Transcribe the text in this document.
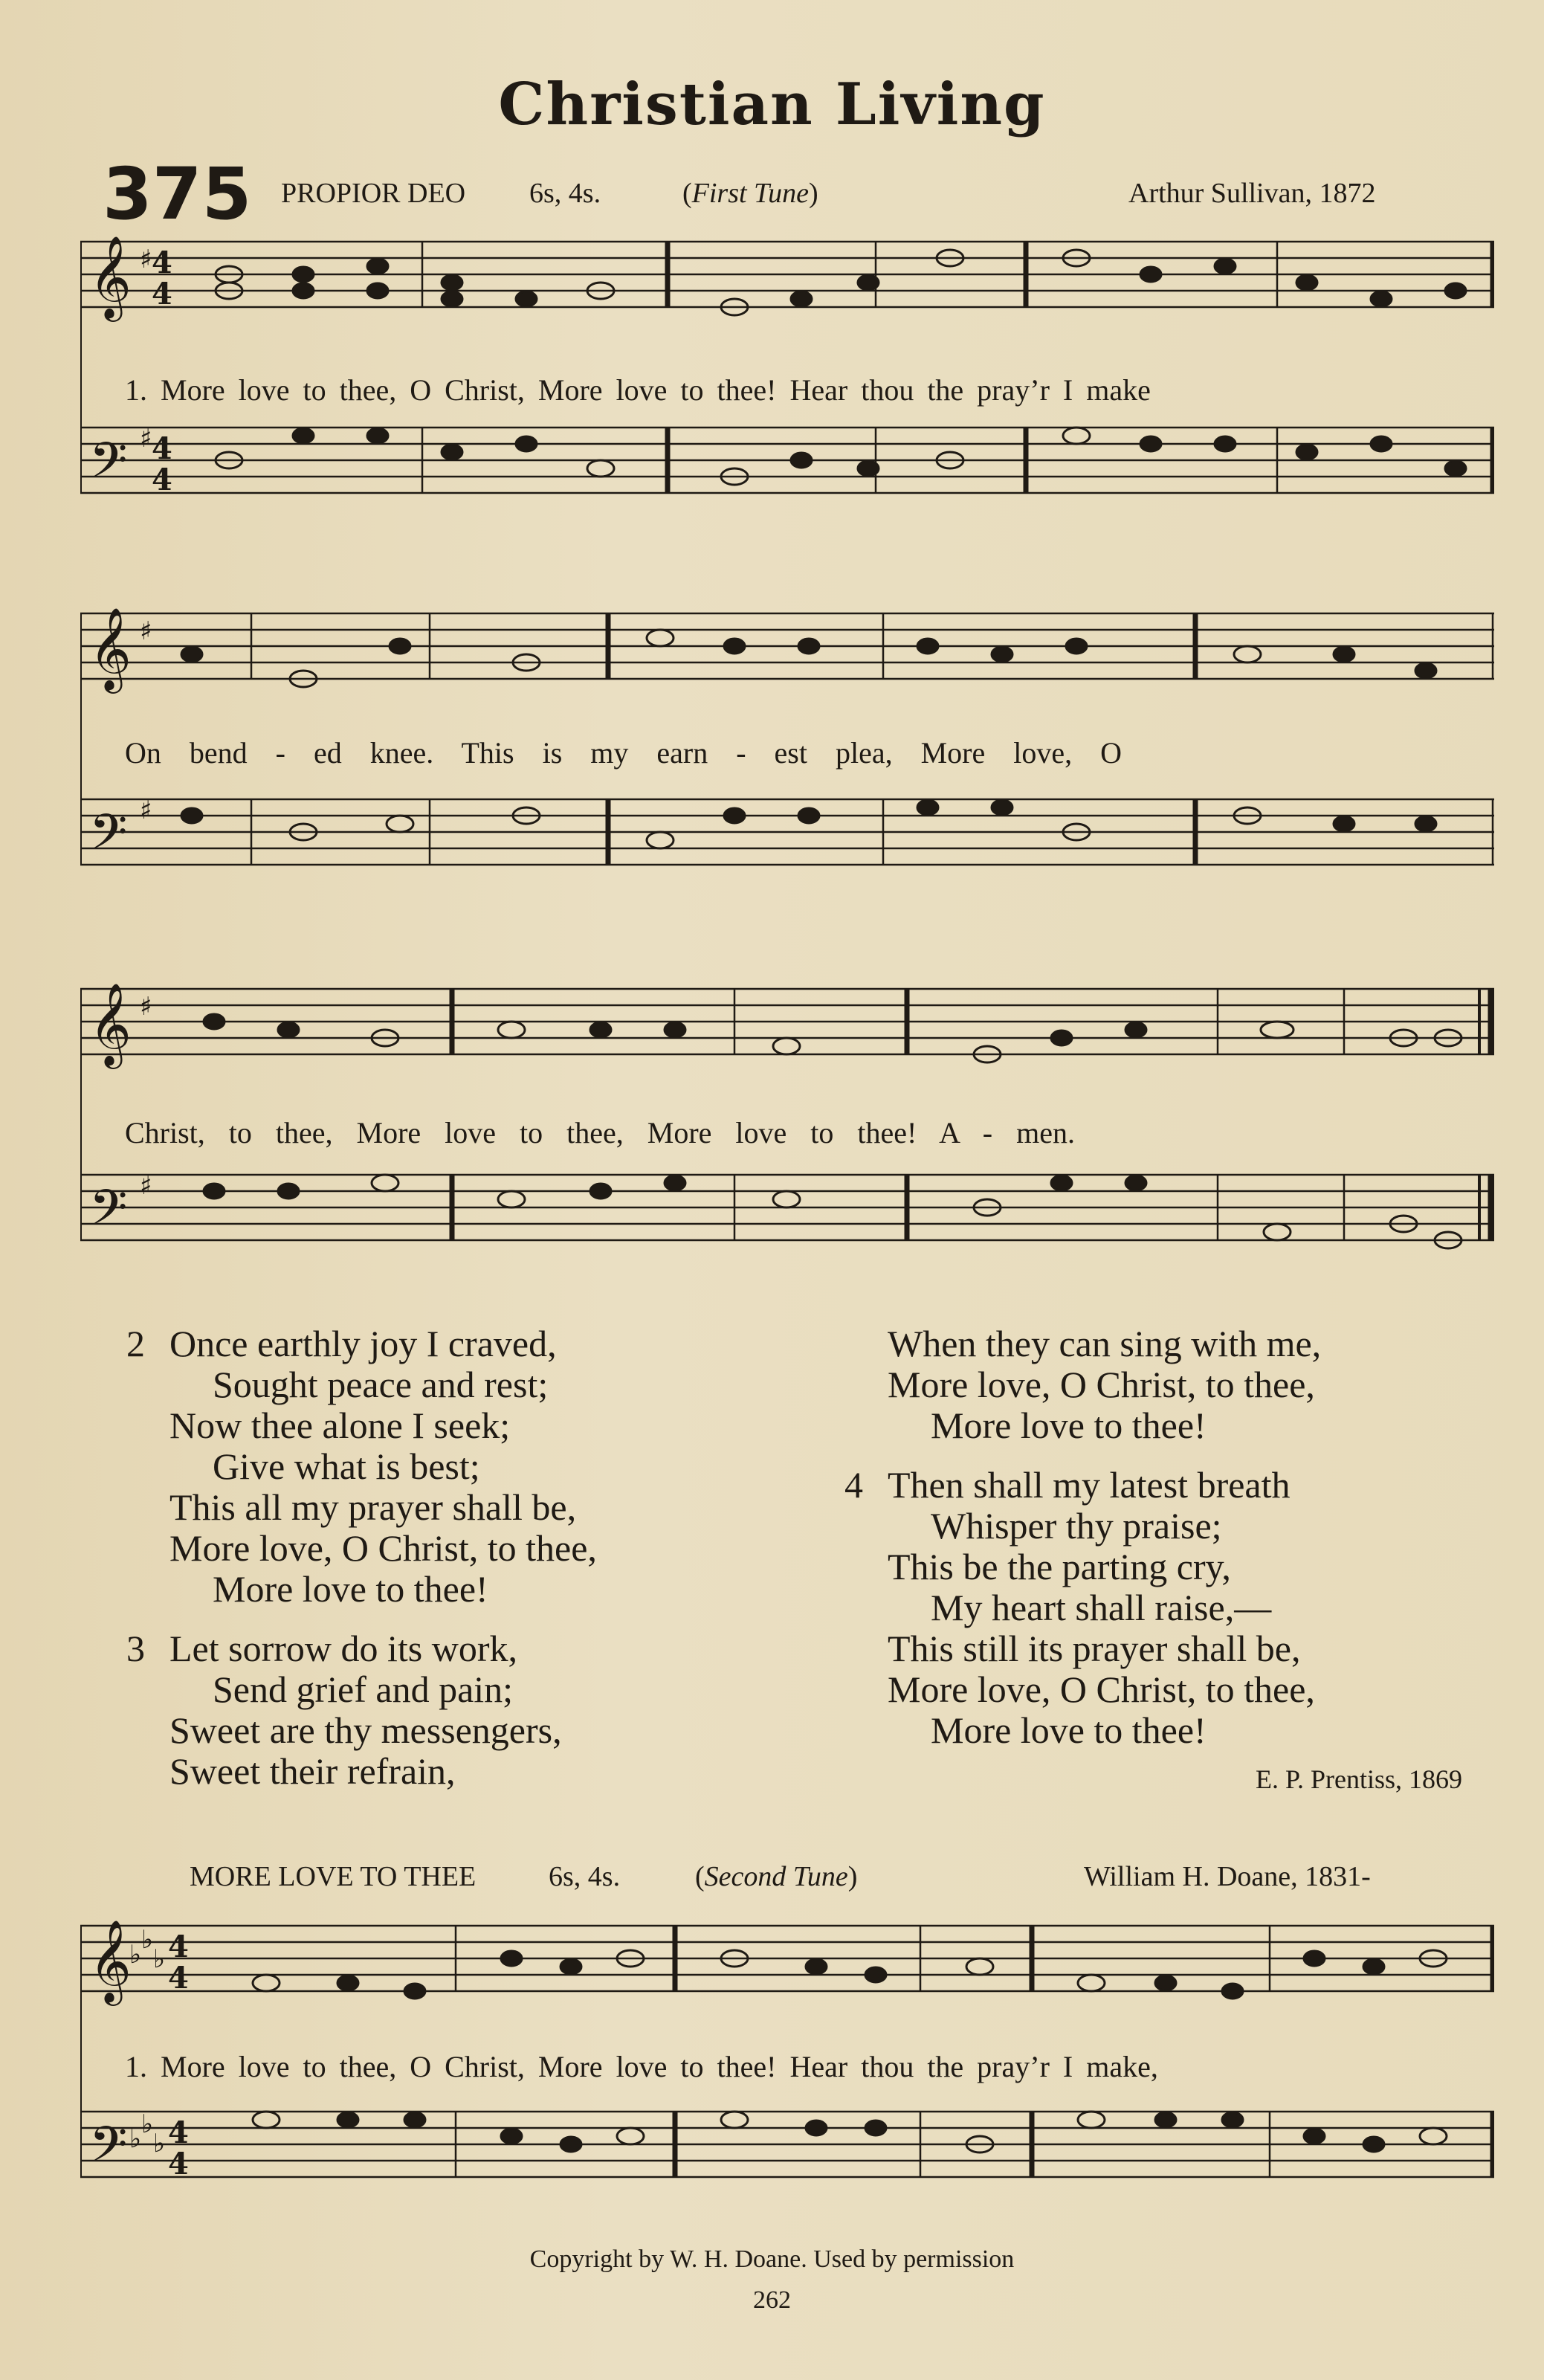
Christian Living
375 PROPIOR DEO 6s, 4s.	(First Tune)	Arthur Sullivan, 1872
𝄞
𝄢
♯
♯
4
4
4
4
1. More love to thee, O Christ, More love to thee! Hear thou the pray’r I make
𝄞
𝄢
♯
♯
On bend - ed knee. This is my earn - est plea, More love, O
𝄞
𝄢
♯
♯
Christ, to thee, More love to thee, More love to thee! A - men.
2 Once earthly joy I craved,
Sought peace and rest;
Now thee alone I seek;
Give what is best;
This all my prayer shall be,
More love, O Christ, to thee,
More love to thee!
3 Let sorrow do its work,
Send grief and pain;
Sweet are thy messengers,
Sweet their refrain,
When they can sing with me,
More love, O Christ, to thee,
More love to thee!
4 Then shall my latest breath
Whisper thy praise;
This be the parting cry,
My heart shall raise,—
This still its prayer shall be,
More love, O Christ, to thee,
More love to thee!
E. P. Prentiss, 1869
MORE LOVE TO THEE	6s, 4s.	(Second Tune)	William H. Doane, 1831-
𝄞
𝄢
♭ ♭
♭
♭ ♭
♭
4
4
4
4
1. More love to thee, O Christ, More love to thee! Hear thou the pray’r I make,
Copyright by W. H. Doane. Used by permission
262
